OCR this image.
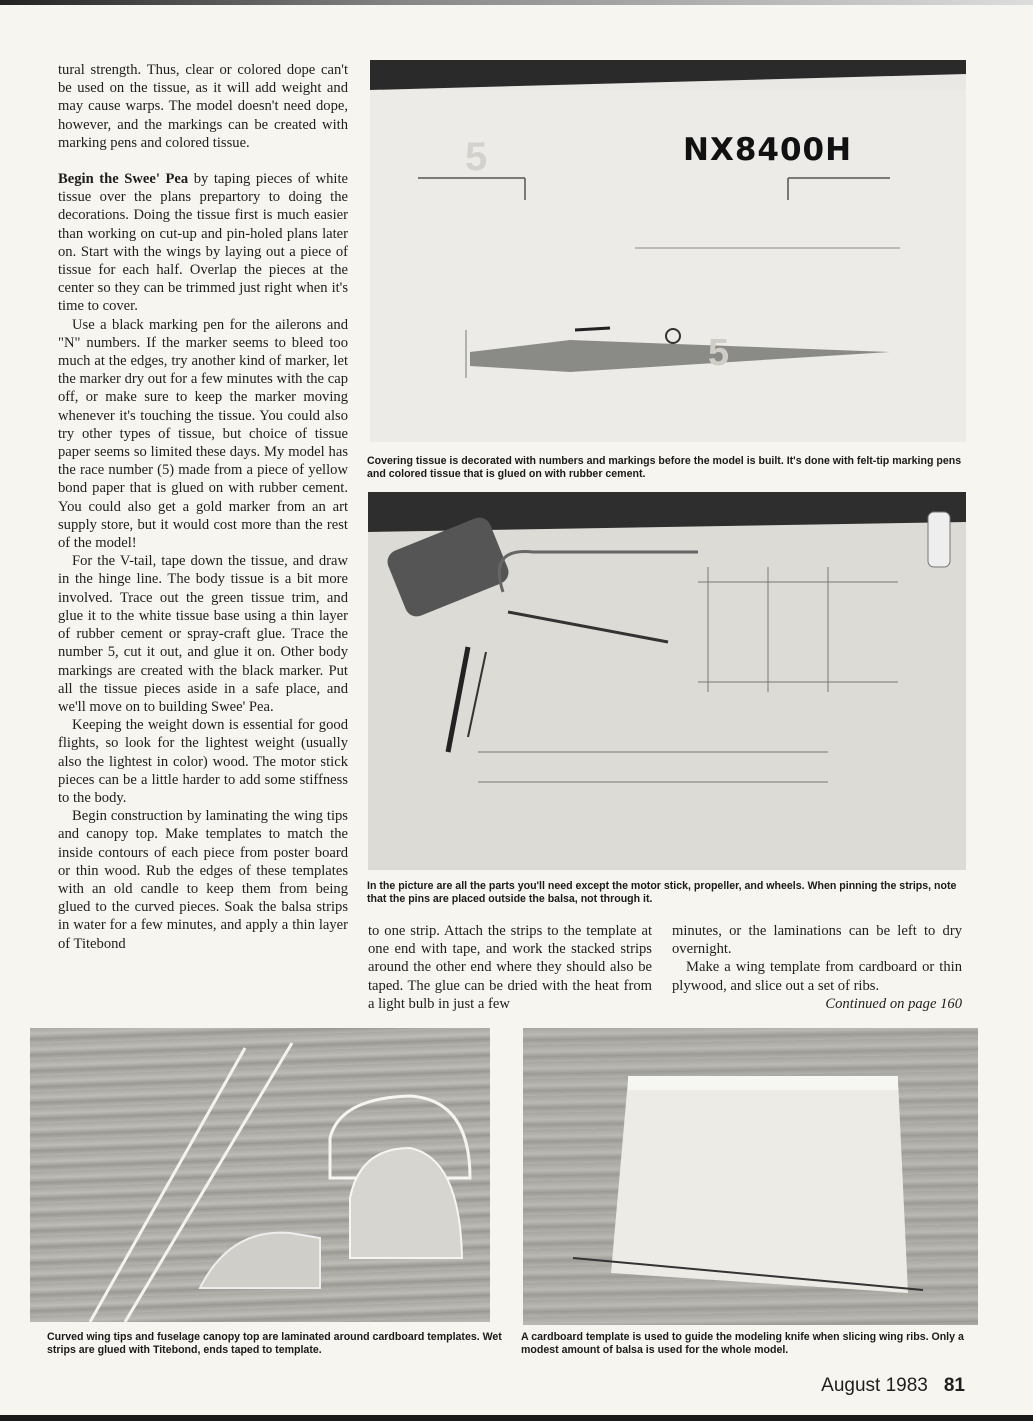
tural strength. Thus, clear or colored dope can't be used on the tissue, as it will add weight and may cause warps. The model doesn't need dope, however, and the markings can be created with marking pens and colored tissue.

Begin the Swee' Pea by taping pieces of white tissue over the plans prepartory to doing the decorations. Doing the tissue first is much easier than working on cut-up and pin-holed plans later on. Start with the wings by laying out a piece of tissue for each half. Overlap the pieces at the center so they can be trimmed just right when it's time to cover.

Use a black marking pen for the ailerons and "N" numbers. If the marker seems to bleed too much at the edges, try another kind of marker, let the marker dry out for a few minutes with the cap off, or make sure to keep the marker moving whenever it's touching the tissue. You could also try other types of tissue, but choice of tissue paper seems so limited these days. My model has the race number (5) made from a piece of yellow bond paper that is glued on with rubber cement. You could also get a gold marker from an art supply store, but it would cost more than the rest of the model!

For the V-tail, tape down the tissue, and draw in the hinge line. The body tissue is a bit more involved. Trace out the green tissue trim, and glue it to the white tissue base using a thin layer of rubber cement or spray-craft glue. Trace the number 5, cut it out, and glue it on. Other body markings are created with the black marker. Put all the tissue pieces aside in a safe place, and we'll move on to building Swee' Pea.

Keeping the weight down is essential for good flights, so look for the lightest weight (usually also the lightest in color) wood. The motor stick pieces can be a little harder to add some stiffness to the body.

Begin construction by laminating the wing tips and canopy top. Make templates to match the inside contours of each piece from poster board or thin wood. Rub the edges of these templates with an old candle to keep them from being glued to the curved pieces. Soak the balsa strips in water for a few minutes, and apply a thin layer of Titebond

5
5
NX8400H
Covering tissue is decorated with numbers and markings before the model is built. It's done with felt-tip marking pens and colored tissue that is glued on with rubber cement.
In the picture are all the parts you'll need except the motor stick, propeller, and wheels. When pinning the strips, note that the pins are placed outside the balsa, not through it.

to one strip. Attach the strips to the template at one end with tape, and work the stacked strips around the other end where they should also be taped. The glue can be dried with the heat from a light bulb in just a few

minutes, or the laminations can be left to dry overnight.

Make a wing template from cardboard or thin plywood, and slice out a set of ribs.

Continued on page 160

Curved wing tips and fuselage canopy top are laminated around cardboard templates. Wet strips are glued with Titebond, ends taped to template.
A cardboard template is used to guide the modeling knife when slicing wing ribs. Only a modest amount of balsa is used for the whole model.
August 1983 81
